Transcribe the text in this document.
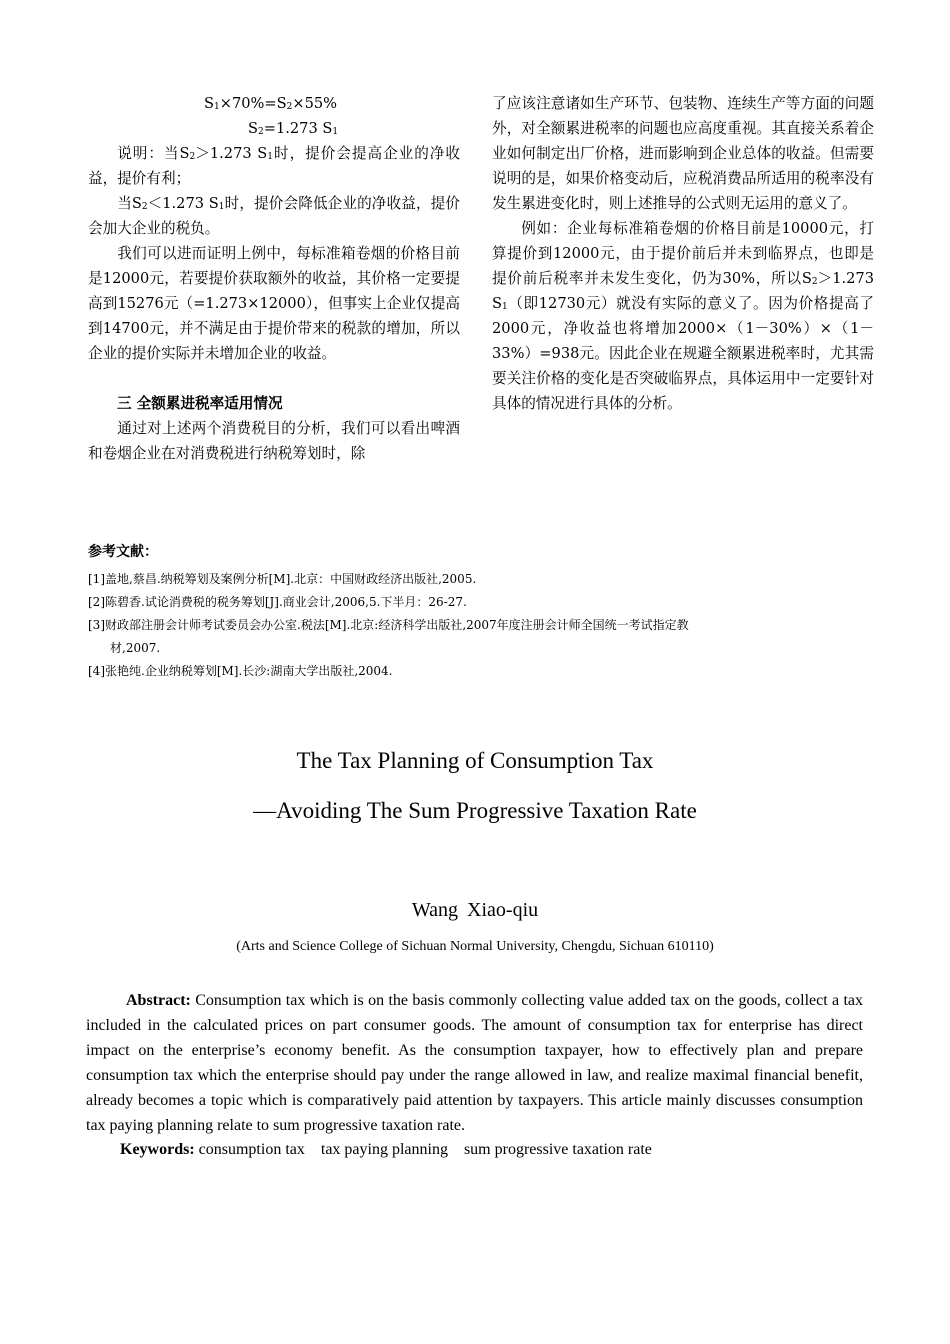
$S_1\times 70\%=S_2\times 55\%$

$S_2=1.273$ $S_1$

说明：当$S_2>1.273$ $S_1$时，提价会提高企业的净收益，提价有利；

当$S_2<1.273$ $S_1$时，提价会降低企业的净收益，提价会加大企业的税负。

我们可以进而证明上例中，每标准箱卷烟的价格目前是12000元，若要提价获取额外的收益，其价格一定要提高到15276元（=1.273×12000），但事实上企业仅提高到14700元，并不满足由于提价带来的税款的增加，所以企业的提价实际并未增加企业的收益。

三 全额累进税率适用情况

通过对上述两个消费税目的分析，我们可以看出啤酒和卷烟企业在对消费税进行纳税筹划时，除

了应该注意诸如生产环节、包装物、连续生产等方面的问题外，对全额累进税率的问题也应高度重视。其直接关系着企业如何制定出厂价格，进而影响到企业总体的收益。但需要说明的是，如果价格变动后，应税消费品所适用的税率没有发生累进变化时，则上述推导的公式则无运用的意义了。

例如：企业每标准箱卷烟的价格目前是10000元，打算提价到12000元，由于提价前后并未到临界点，也即是提价前后税率并未发生变化，仍为30%，所以$S_2>1.273$ $S_1$（即12730元）就没有实际的意义了。因为价格提高了2000元，净收益也将增加2000×（1－30%）×（1－33%）=938元。因此企业在规避全额累进税率时，尤其需要关注价格的变化是否突破临界点，具体运用中一定要针对具体的情况进行具体的分析。

参考文献：

[1]盖地,蔡昌.纳税筹划及案例分析[M].北京：中国财政经济出版社,2005.

[2]陈碧香.试论消费税的税务筹划[J].商业会计,2006,5.下半月：26-27.

[3]财政部注册会计师考试委员会办公室.税法[M].北京:经济科学出版社,2007年度注册会计师全国统一考试指定教

材,2007.

[4]张艳纯.企业纳税筹划[M].长沙:湖南大学出版社,2004.

The Tax Planning of Consumption Tax

—Avoiding The Sum Progressive Taxation Rate

Wang Xiao-qiu

(Arts and Science College of Sichuan Normal University, Chengdu, Sichuan 610110)

Abstract: Consumption tax which is on the basis commonly collecting value added tax on the goods, collect a tax included in the calculated prices on part consumer goods. The amount of consumption tax for enterprise has direct impact on the enterprise’s economy benefit. As the consumption taxpayer, how to effectively plan and prepare consumption tax which the enterprise should pay under the range allowed in law, and realize maximal financial benefit, already becomes a topic which is comparatively paid attention by taxpayers. This article mainly discusses consumption tax paying planning relate to sum progressive taxation rate.

Keywords: consumption tax    tax paying planning    sum progressive taxation rate
